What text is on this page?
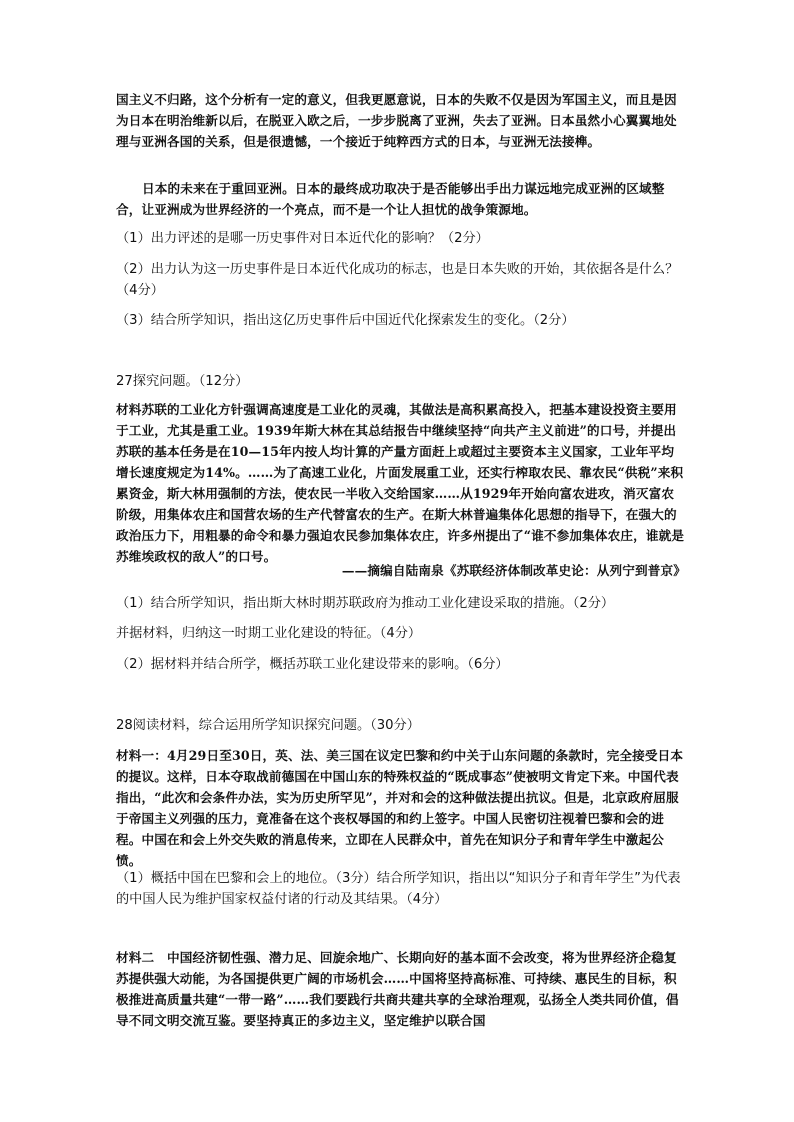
国主义不归路，这个分析有一定的意义，但我更愿意说，日本的失败不仅是因为军国主义，而且是因为日本在明治维新以后，在脱亚入欧之后，一步步脱离了亚洲，失去了亚洲。日本虽然小心翼翼地处理与亚洲各国的关系，但是很遗憾，一个接近于纯粹西方式的日本，与亚洲无法接榫。

日本的未来在于重回亚洲。日本的最终成功取决于是否能够出手出力谋远地完成亚洲的区域整合，让亚洲成为世界经济的一个亮点，而不是一个让人担忧的战争策源地。

（1）出力评述的是哪一历史事件对日本近代化的影响？（2分）

（2）出力认为这一历史事件是日本近代化成功的标志，也是日本失败的开始，其依据各是什么？（4分）

（3）结合所学知识，指出这亿历史事件后中国近代化探索发生的变化。（2分）

27探究问题。（12分）

材料苏联的工业化方针强调高速度是工业化的灵魂，其做法是高积累高投入，把基本建设投资主要用于工业，尤其是重工业。1939年斯大林在其总结报告中继续坚持“向共产主义前进”的口号，并提出苏联的基本任务是在10—15年内按人均计算的产量方面赶上或超过主要资本主义国家，工业年平均增长速度规定为14%。……为了高速工业化，片面发展重工业，还实行榨取农民、靠农民“供税”来积累资金，斯大林用强制的方法，使农民一半收入交给国家……从1929年开始向富农进攻，消灭富农阶级，用集体农庄和国营农场的生产代替富农的生产。在斯大林普遍集体化思想的指导下，在强大的政治压力下，用粗暴的命令和暴力强迫农民参加集体农庄，许多州提出了“谁不参加集体农庄，谁就是苏维埃政权的敌人”的口号。

——摘编自陆南泉《苏联经济体制改革史论：从列宁到普京》

（1）结合所学知识，指出斯大林时期苏联政府为推动工业化建设采取的措施。（2分）

并据材料，归纳这一时期工业化建设的特征。（4分）

（2）据材料并结合所学，概括苏联工业化建设带来的影响。（6分）

28阅读材料，综合运用所学知识探究问题。（30分）

材料一：4月29日至30日，英、法、美三国在议定巴黎和约中关于山东问题的条款时，完全接受日本的提议。这样，日本夺取战前德国在中国山东的特殊权益的“既成事态”使被明文肯定下来。中国代表指出，“此次和会条件办法，实为历史所罕见”，并对和会的这种做法提出抗议。但是，北京政府屈服于帝国主义列强的压力，竟准备在这个丧权辱国的和约上签字。中国人民密切注视着巴黎和会的进程。中国在和会上外交失败的消息传来，立即在人民群众中，首先在知识分子和青年学生中激起公愤。

（1）概括中国在巴黎和会上的地位。（3分）结合所学知识，指出以“知识分子和青年学生”为代表的中国人民为维护国家权益付诸的行动及其结果。（4分）

材料二　中国经济韧性强、潜力足、回旋余地广、长期向好的基本面不会改变，将为世界经济企稳复苏提供强大动能，为各国提供更广阔的市场机会……中国将坚持高标准、可持续、惠民生的目标，积极推进高质量共建“一带一路”……我们要践行共商共建共享的全球治理观，弘扬全人类共同价值，倡导不同文明交流互鉴。要坚持真正的多边主义，坚定维护以联合国
